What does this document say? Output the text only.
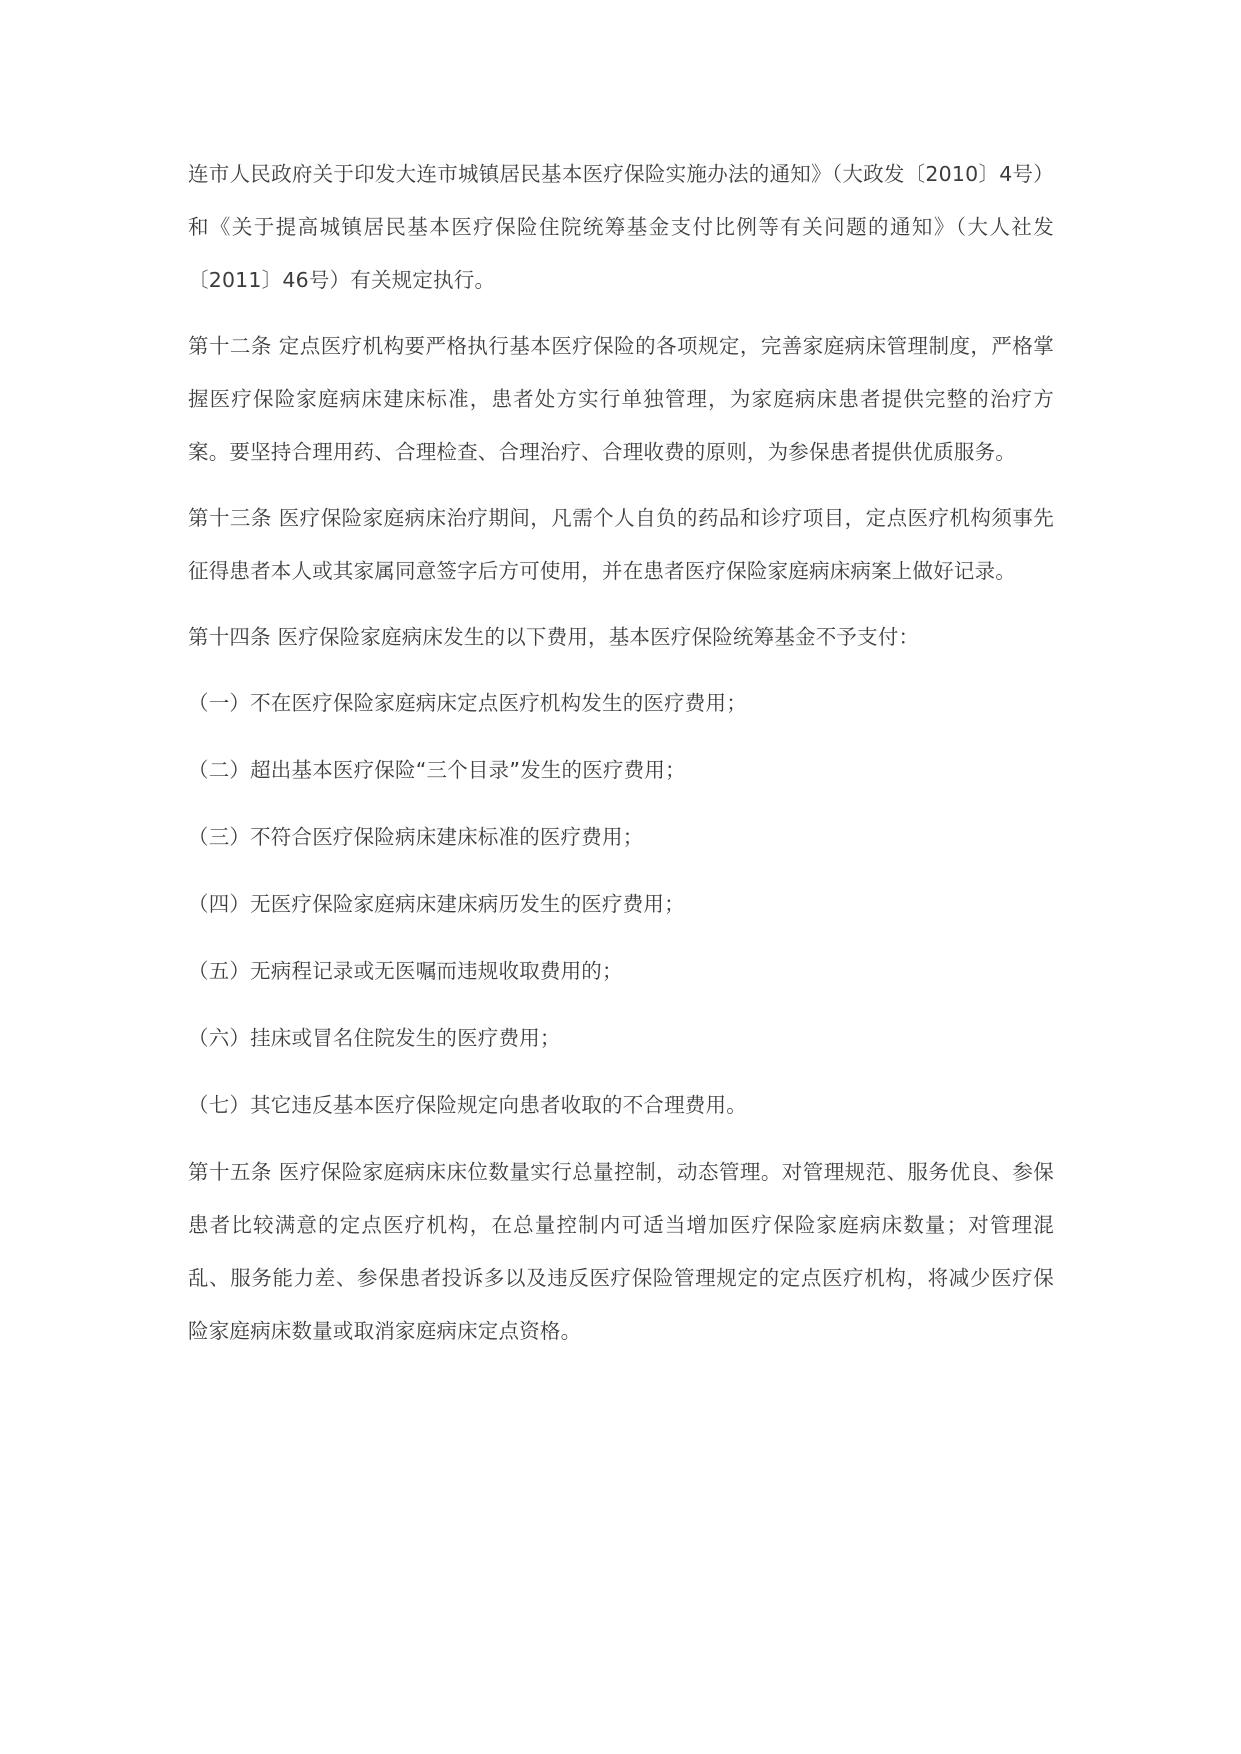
连市人民政府关于印发大连市城镇居民基本医疗保险实施办法的通知》（大政发〔2010〕4号）和《关于提高城镇居民基本医疗保险住院统筹基金支付比例等有关问题的通知》（大人社发〔2011〕46号）有关规定执行。

第十二条 定点医疗机构要严格执行基本医疗保险的各项规定，完善家庭病床管理制度，严格掌握医疗保险家庭病床建床标准，患者处方实行单独管理，为家庭病床患者提供完整的治疗方案。要坚持合理用药、合理检查、合理治疗、合理收费的原则，为参保患者提供优质服务。

第十三条 医疗保险家庭病床治疗期间，凡需个人自负的药品和诊疗项目，定点医疗机构须事先征得患者本人或其家属同意签字后方可使用，并在患者医疗保险家庭病床病案上做好记录。

第十四条 医疗保险家庭病床发生的以下费用，基本医疗保险统筹基金不予支付：

（一）不在医疗保险家庭病床定点医疗机构发生的医疗费用；

（二）超出基本医疗保险“三个目录”发生的医疗费用；

（三）不符合医疗保险病床建床标准的医疗费用；

（四）无医疗保险家庭病床建床病历发生的医疗费用；

（五）无病程记录或无医嘱而违规收取费用的；

（六）挂床或冒名住院发生的医疗费用；

（七）其它违反基本医疗保险规定向患者收取的不合理费用。

第十五条 医疗保险家庭病床床位数量实行总量控制，动态管理。对管理规范、服务优良、参保患者比较满意的定点医疗机构，在总量控制内可适当增加医疗保险家庭病床数量；对管理混乱、服务能力差、参保患者投诉多以及违反医疗保险管理规定的定点医疗机构，将减少医疗保险家庭病床数量或取消家庭病床定点资格。
